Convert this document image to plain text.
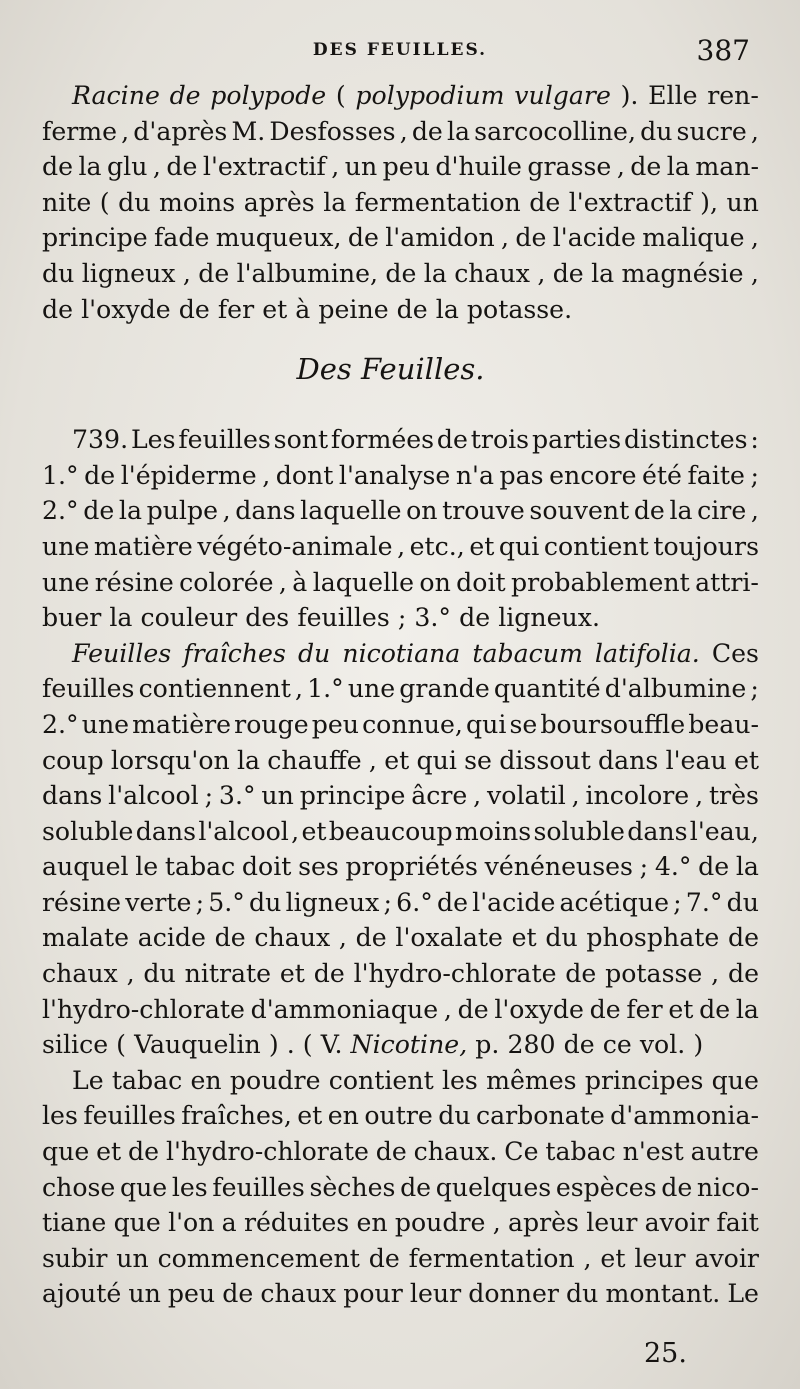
DES FEUILLES.	387
Racine de polypode ( polypodium vulgare ). Elle ren-
ferme , d'après M. Desfosses , de la sarcocolline, du sucre ,
de la glu , de l'extractif , un peu d'huile grasse , de la man-
nite ( du moins après la fermentation de l'extractif ), un
principe fade muqueux, de l'amidon , de l'acide malique ,
du ligneux , de l'albumine, de la chaux , de la magnésie ,
de l'oxyde de fer et à peine de la potasse.
Des Feuilles.
739. Les feuilles sont formées de trois parties distinctes :
1.° de l'épiderme , dont l'analyse n'a pas encore été faite ;
2.° de la pulpe , dans laquelle on trouve souvent de la cire ,
une matière végéto-animale , etc., et qui contient toujours
une résine colorée , à laquelle on doit probablement attri-
buer la couleur des feuilles ; 3.° de ligneux.
Feuilles fraîches du nicotiana tabacum latifolia. Ces
feuilles contiennent , 1.° une grande quantité d'albumine ;
2.° une matière rouge peu connue, qui se boursouffle beau-
coup lorsqu'on la chauffe , et qui se dissout dans l'eau et
dans l'alcool ; 3.° un principe âcre , volatil , incolore , très
soluble dans l'alcool , et beaucoup moins soluble dans l'eau,
auquel le tabac doit ses propriétés vénéneuses ; 4.° de la
résine verte ; 5.° du ligneux ; 6.° de l'acide acétique ; 7.° du
malate acide de chaux , de l'oxalate et du phosphate de
chaux , du nitrate et de l'hydro-chlorate de potasse , de
l'hydro-chlorate d'ammoniaque , de l'oxyde de fer et de la
silice ( Vauquelin ) . ( V. Nicotine, p. 280 de ce vol. )
Le tabac en poudre contient les mêmes principes que
les feuilles fraîches, et en outre du carbonate d'ammonia-
que et de l'hydro-chlorate de chaux. Ce tabac n'est autre
chose que les feuilles sèches de quelques espèces de nico-
tiane que l'on a réduites en poudre , après leur avoir fait
subir un commencement de fermentation , et leur avoir
ajouté un peu de chaux pour leur donner du montant. Le
25.
